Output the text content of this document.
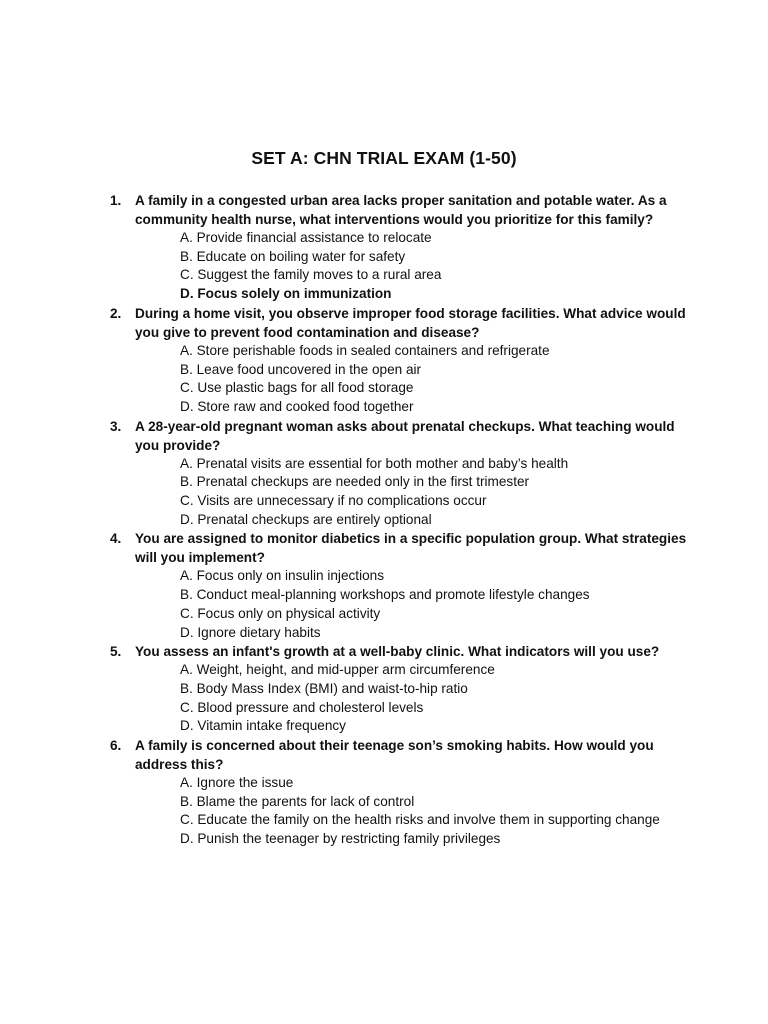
SET A: CHN TRIAL EXAM (1-50)
1.	A family in a congested urban area lacks proper sanitation and potable water. As a community health nurse, what interventions would you prioritize for this family?
A. Provide financial assistance to relocate
B. Educate on boiling water for safety
C. Suggest the family moves to a rural area
D. Focus solely on immunization
2.	During a home visit, you observe improper food storage facilities. What advice would you give to prevent food contamination and disease?
A. Store perishable foods in sealed containers and refrigerate
B. Leave food uncovered in the open air
C. Use plastic bags for all food storage
D. Store raw and cooked food together
3.	A 28-year-old pregnant woman asks about prenatal checkups. What teaching would you provide?
A. Prenatal visits are essential for both mother and baby’s health
B. Prenatal checkups are needed only in the first trimester
C. Visits are unnecessary if no complications occur
D. Prenatal checkups are entirely optional
4.	You are assigned to monitor diabetics in a specific population group. What strategies will you implement?
A. Focus only on insulin injections
B. Conduct meal-planning workshops and promote lifestyle changes
C. Focus only on physical activity
D. Ignore dietary habits
5.	You assess an infant's growth at a well-baby clinic. What indicators will you use?
A. Weight, height, and mid-upper arm circumference
B. Body Mass Index (BMI) and waist-to-hip ratio
C. Blood pressure and cholesterol levels
D. Vitamin intake frequency
6.	A family is concerned about their teenage son’s smoking habits. How would you address this?
A. Ignore the issue
B. Blame the parents for lack of control
C. Educate the family on the health risks and involve them in supporting change
D. Punish the teenager by restricting family privileges
